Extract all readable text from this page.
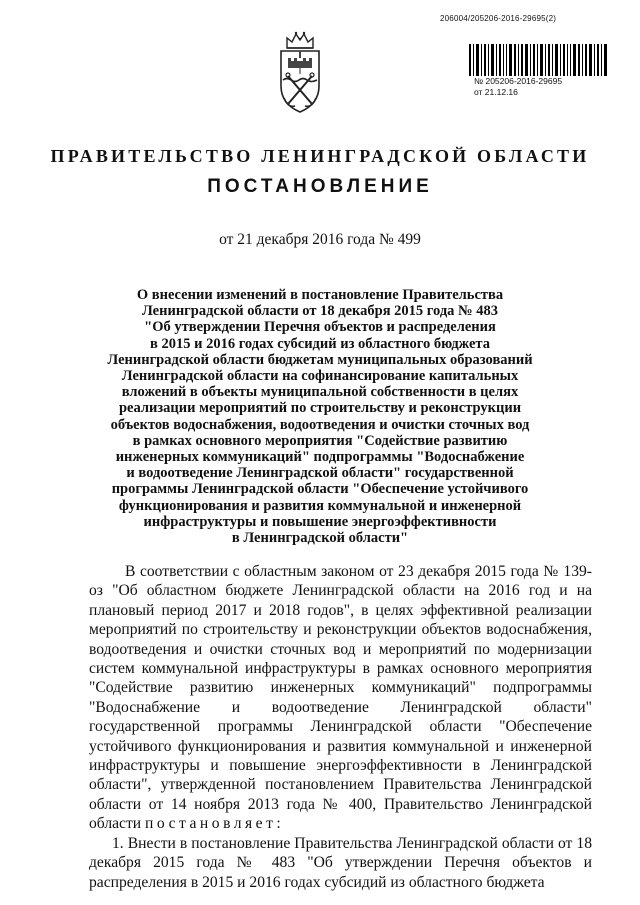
206004/205206-2016-29695(2)
№ 205206-2016-29695
от 21.12.16
ПРАВИТЕЛЬСТВО ЛЕНИНГРАДСКОЙ ОБЛАСТИ
ПОСТАНОВЛЕНИЕ
от 21 декабря 2016 года № 499
О внесении изменений в постановление Правительства
Ленинградской области от 18 декабря 2015 года № 483
"Об утверждении Перечня объектов и распределения
в 2015 и 2016 годах субсидий из областного бюджета
Ленинградской области бюджетам муниципальных образований
Ленинградской области на софинансирование капитальных
вложений в объекты муниципальной собственности в целях
реализации мероприятий по строительству и реконструкции
объектов водоснабжения, водоотведения и очистки сточных вод
в рамках основного мероприятия "Содействие развитию
инженерных коммуникаций" подпрограммы "Водоснабжение
и водоотведение Ленинградской области" государственной
программы Ленинградской области "Обеспечение устойчивого
функционирования и развития коммунальной и инженерной
инфраструктуры и повышение энергоэффективности
в Ленинградской области"

В соответствии с областным законом от 23 декабря 2015 года № 139-оз "Об областном бюджете Ленинградской области на 2016 год и на плановый период 2017 и 2018 годов", в целях эффективной реализации мероприятий по строительству и реконструкции объектов водоснабжения, водоотведения и очистки сточных вод и мероприятий по модернизации систем коммунальной инфраструктуры в рамках основного мероприятия "Содействие развитию инженерных коммуникаций" подпрограммы "Водоснабжение и водоотведение Ленинградской области" государственной программы Ленинградской области "Обеспечение устойчивого функционирования и развития коммунальной и инженерной инфраструктуры и повышение энергоэффективности в Ленинградской области", утвержденной постановлением Правительства Ленинградской области от 14 ноября 2013 года № 400, Правительство Ленинградской области постановляет:

1. Внести в постановление Правительства Ленинградской области от 18 декабря 2015 года № 483 "Об утверждении Перечня объектов и распределения в 2015 и 2016 годах субсидий из областного бюджета
